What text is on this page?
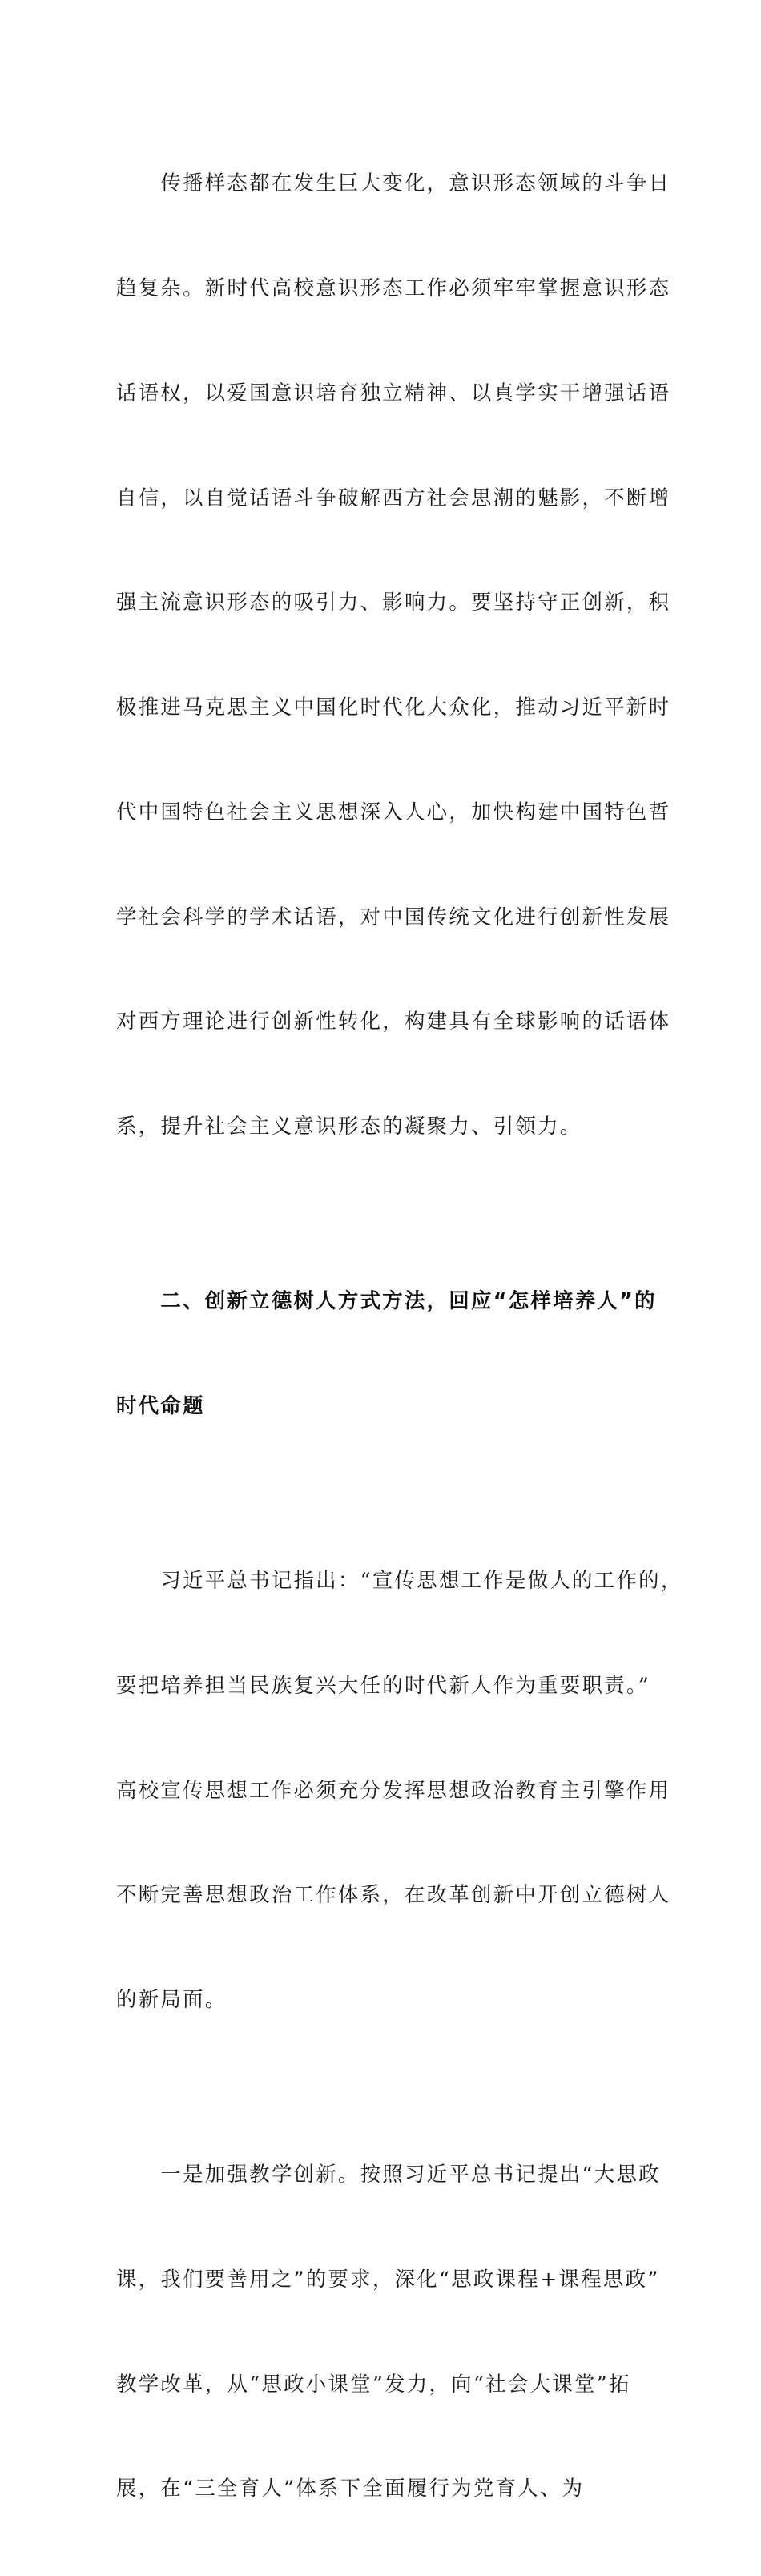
　　传播样态都在发生巨大变化，意识形态领域的斗争日

趋复杂。新时代高校意识形态工作必须牢牢掌握意识形态

话语权，以爱国意识培育独立精神、以真学实干增强话语

自信，以自觉话语斗争破解西方社会思潮的魅影，不断增

强主流意识形态的吸引力、影响力。要坚持守正创新，积

极推进马克思主义中国化时代化大众化，推动习近平新时

代中国特色社会主义思想深入人心，加快构建中国特色哲

学社会科学的学术话语，对中国传统文化进行创新性发展

对西方理论进行创新性转化，构建具有全球影响的话语体

系，提升社会主义意识形态的凝聚力、引领力。

　　二、创新立德树人方式方法，回应“怎样培养人”的

时代命题

　　习近平总书记指出：“宣传思想工作是做人的工作的，

要把培养担当民族复兴大任的时代新人作为重要职责。”

高校宣传思想工作必须充分发挥思想政治教育主引擎作用

不断完善思想政治工作体系，在改革创新中开创立德树人

的新局面。

　　一是加强教学创新。按照习近平总书记提出“大思政

课，我们要善用之”的要求，深化“思政课程+课程思政”

教学改革，从“思政小课堂”发力，向“社会大课堂”拓

展，在“三全育人”体系下全面履行为党育人、为
